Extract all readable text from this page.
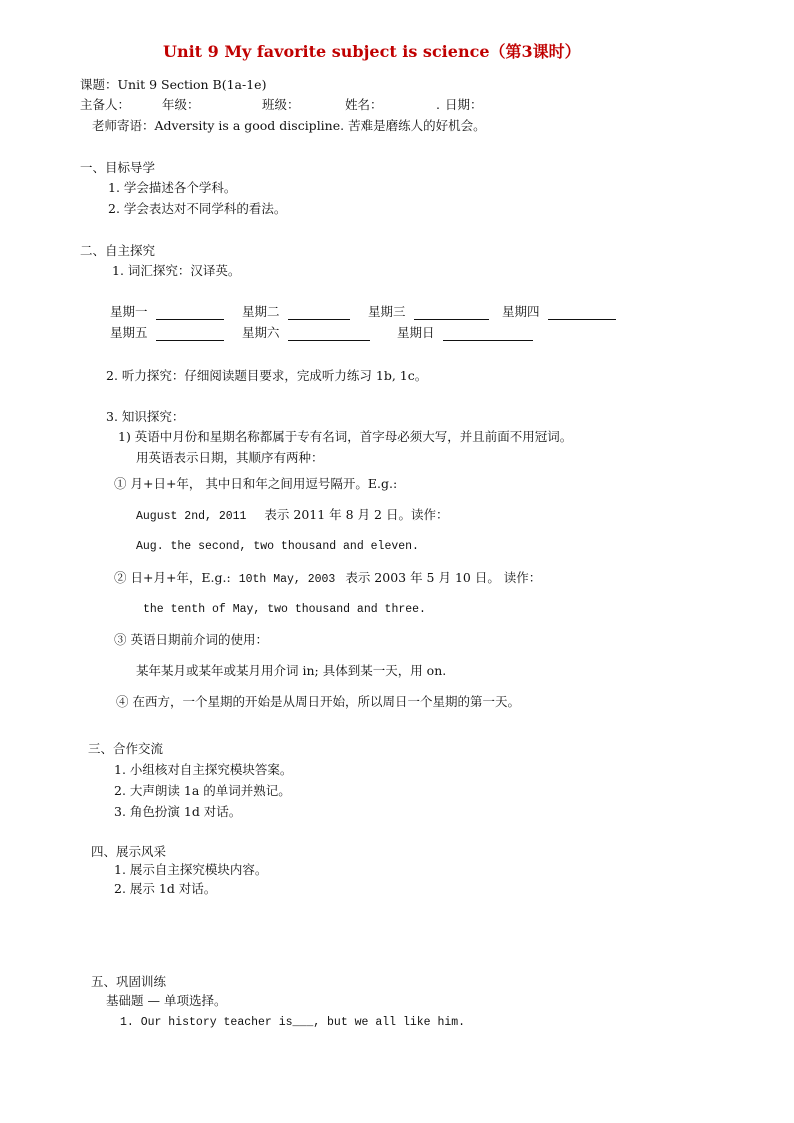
Unit 9 My favorite subject is science（第3课时）
课题：Unit 9 Section B(1a-1e)
主备人：	年级：	班级：	姓名：	. 日期：
老师寄语：Adversity is a good discipline. 苦难是磨练人的好机会。
一、目标导学
1. 学会描述各个学科。
2. 学会表达对不同学科的看法。
二、自主探究
1. 词汇探究：汉译英。
星期一	星期二	星期三	星期四
星期五	星期六	星期日
2. 听力探究：仔细阅读题目要求，完成听力练习 1b, 1c。
3. 知识探究：
1) 英语中月份和星期名称都属于专有名词，首字母必须大写，并且前面不用冠词。
用英语表示日期，其顺序有两种：
① 月+日+年， 其中日和年之间用逗号隔开。E.g.:
August 2nd, 2011 表示 2011 年 8 月 2 日。读作：
Aug. the second, two thousand and eleven.
② 日+月+年，E.g.: 10th May, 2003 表示 2003 年 5 月 10 日。 读作：
the tenth of May, two thousand and three.
③ 英语日期前介词的使用：
某年某月或某年或某月用介词 in; 具体到某一天，用 on.
④ 在西方，一个星期的开始是从周日开始，所以周日一个星期的第一天。
三、合作交流
1. 小组核对自主探究模块答案。
2. 大声朗读 1a 的单词并熟记。
3. 角色扮演 1d 对话。
四、展示风采
1. 展示自主探究模块内容。
2. 展示 1d 对话。
五、巩固训练
基础题 — 单项选择。
1. Our history teacher is___, but we all like him.
